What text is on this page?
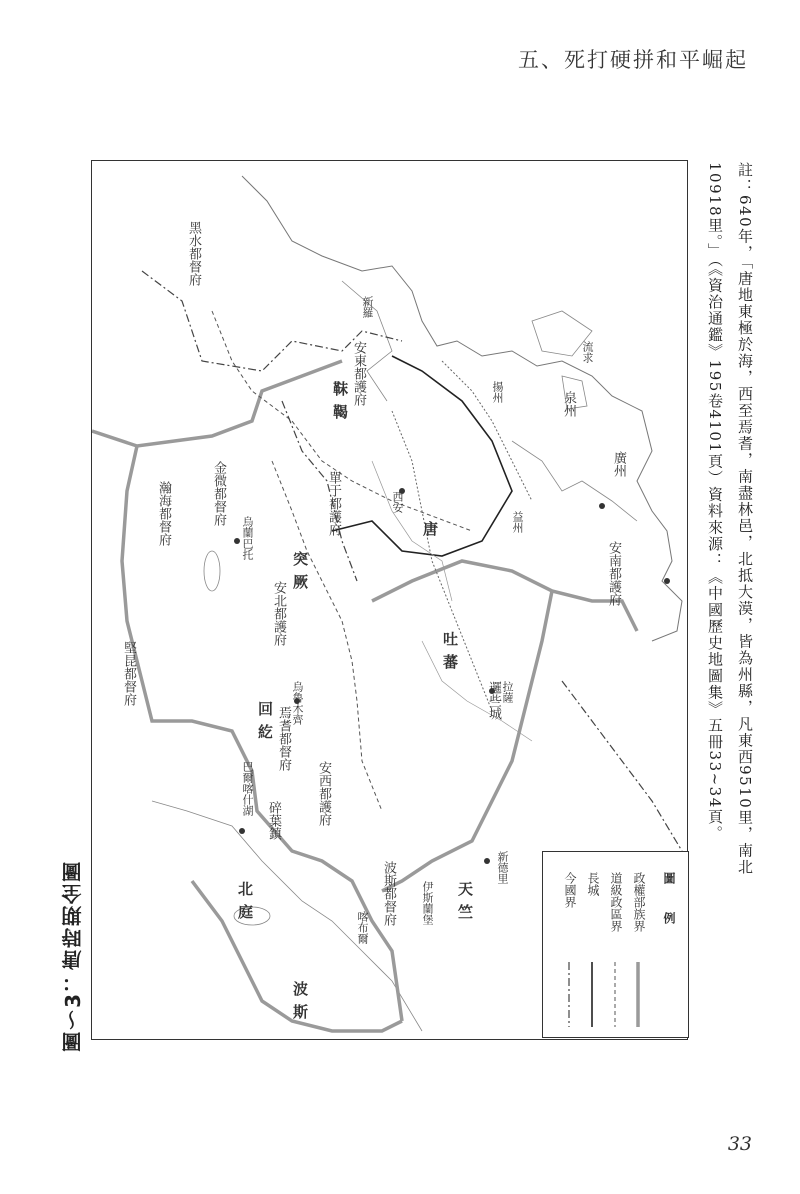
五、死打硬拼和平崛起
圖～3：唐時期全圖
唐
吐蕃
回紇
北庭
突厥
靺鞨
安西都護府
堅昆都督府
金微都督府
瀚海都督府
安北都護府
烏蘭巴托
單于都護府
烏魯木齊
焉耆都督府
碎葉鎮
巴爾喀什湖
波斯都督府
波斯
喀布爾
西安
邏些城 拉薩
新德里
天竺
伊斯蘭堡
安東都護府
安南都護府
黑水都督府
新羅
廣州
泉州
揚州
益州
流求
圖　例
政權部族界
道級政區界
長城
今國界
註：640年，「唐地東極於海，西至焉耆，南盡林邑，北抵大漠，皆為州縣，凡東西9510里，南北
10918里。」（《資治通鑑》195卷4101頁）資料來源：《中國歷史地圖集》五冊33~34頁。
33
